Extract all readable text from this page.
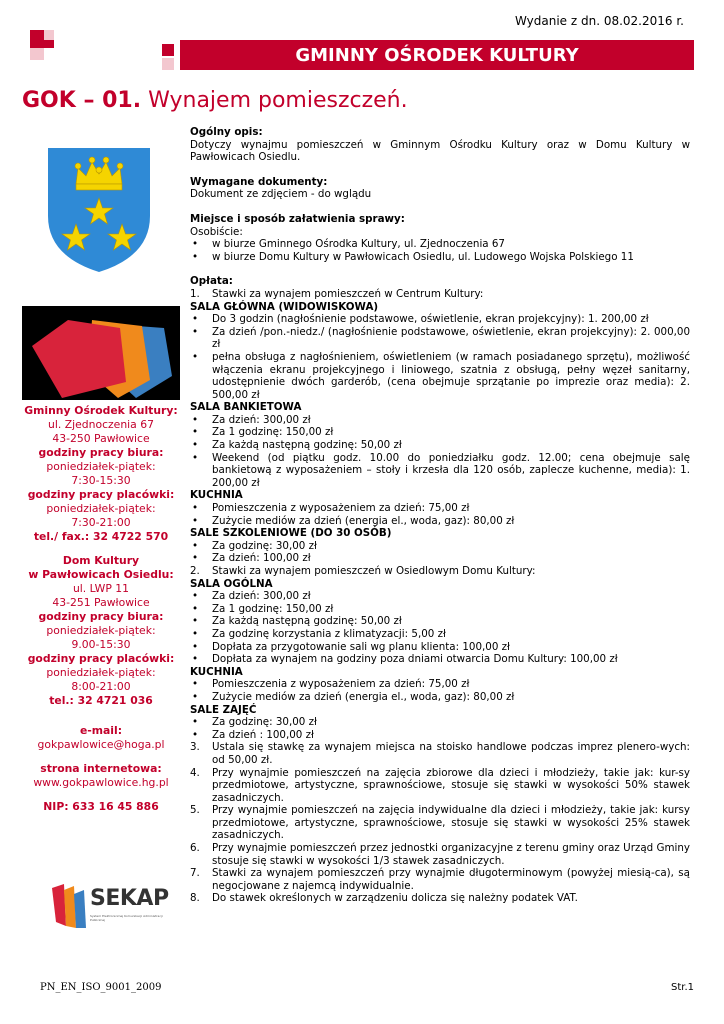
Wydanie z dn. 08.02.2016 r.
GMINNY OŚRODEK KULTURY
GOK – 01. Wynajem pomieszczeń.
Gminny Ośrodek Kultury:
ul. Zjednoczenia 67
43-250 Pawłowice
godziny pracy biura:
poniedziałek-piątek:
7:30-15:30
godziny pracy placówki:
poniedziałek-piątek:
7:30-21:00
tel./ fax.: 32 4722 570
Dom Kultury
w Pawłowicach Osiedlu:
ul. LWP 11
43-251 Pawłowice
godziny pracy biura:
poniedziałek-piątek:
9.00-15:30
godziny pracy placówki:
poniedziałek-piątek:
8:00-21:00
tel.: 32 4721 036
e-mail:
gokpawlowice@hoga.pl
strona internetowa:
www.gokpawlowice.hg.pl
NIP: 633 16 45 886
SEKAP
System Elektronicznej Komunikacji Administracji Publicznej

Ogólny opis:

Dotyczy wynajmu pomieszczeń w Gminnym Ośrodku Kultury oraz w Domu Kultury w Pawłowicach Osiedlu.

Wymagane dokumenty:

Dokument ze zdjęciem - do wglądu

Miejsce i sposób załatwienia sprawy:

Osobiście:

• w biurze Gminnego Ośrodka Kultury, ul. Zjednoczenia 67

• w biurze Domu Kultury w Pawłowicach Osiedlu, ul. Ludowego Wojska Polskiego 11

Opłata:

1. Stawki za wynajem pomieszczeń w Centrum Kultury:

SALA GŁÓWNA (WIDOWISKOWA)

• Do 3 godzin (nagłośnienie podstawowe, oświetlenie, ekran projekcyjny): 1. 200,00 zł

• Za dzień /pon.-niedz./ (nagłośnienie podstawowe, oświetlenie, ekran projekcyjny): 2. 000,00 zł

• pełna obsługa z nagłośnieniem, oświetleniem (w ramach posiadanego sprzętu), możliwość włączenia ekranu projekcyjnego i liniowego, szatnia z obsługą, pełny węzeł sanitarny, udostępnienie dwóch garderób, (cena obejmuje sprzątanie po imprezie oraz media): 2. 500,00 zł

SALA BANKIETOWA

• Za dzień: 300,00 zł

• Za 1 godzinę: 150,00 zł

• Za każdą następną godzinę: 50,00 zł

• Weekend (od piątku godz. 10.00 do poniedziałku godz. 12.00; cena obejmuje salę bankietową z wyposażeniem – stoły i krzesła dla 120 osób, zaplecze kuchenne, media): 1. 200,00 zł

KUCHNIA

• Pomieszczenia z wyposażeniem za dzień: 75,00 zł

• Zużycie mediów za dzień (energia el., woda, gaz): 80,00 zł

SALE SZKOLENIOWE (DO 30 OSÓB)

• Za godzinę: 30,00 zł

• Za dzień: 100,00 zł

2. Stawki za wynajem pomieszczeń w Osiedlowym Domu Kultury:

SALA OGÓLNA

• Za dzień: 300,00 zł

• Za 1 godzinę: 150,00 zł

• Za każdą następną godzinę: 50,00 zł

• Za godzinę korzystania z klimatyzacji: 5,00 zł

• Dopłata za przygotowanie sali wg planu klienta: 100,00 zł

• Dopłata za wynajem na godziny poza dniami otwarcia Domu Kultury: 100,00 zł

KUCHNIA

• Pomieszczenia z wyposażeniem za dzień: 75,00 zł

• Zużycie mediów za dzień (energia el., woda, gaz): 80,00 zł

SALE ZAJĘĆ

• Za godzinę: 30,00 zł

• Za dzień : 100,00 zł

3. Ustala się stawkę za wynajem miejsca na stoisko handlowe podczas imprez plenero-wych: od 50,00 zł.

4. Przy wynajmie pomieszczeń na zajęcia zbiorowe dla dzieci i młodzieży, takie jak: kur-sy przedmiotowe, artystyczne, sprawnościowe, stosuje się stawki w wysokości 50% stawek zasadniczych.

5. Przy wynajmie pomieszczeń na zajęcia indywidualne dla dzieci i młodzieży, takie jak: kursy przedmiotowe, artystyczne, sprawnościowe, stosuje się stawki w wysokości 25% stawek zasadniczych.

6. Przy wynajmie pomieszczeń przez jednostki organizacyjne z terenu gminy oraz Urząd Gminy stosuje się stawki w wysokości 1/3 stawek zasadniczych.

7. Stawki za wynajem pomieszczeń przy wynajmie długoterminowym (powyżej miesią-ca), są negocjowane z najemcą indywidualnie.

8. Do stawek określonych w zarządzeniu dolicza się należny podatek VAT.

PN_EN_ISO_9001_2009	Str.1
